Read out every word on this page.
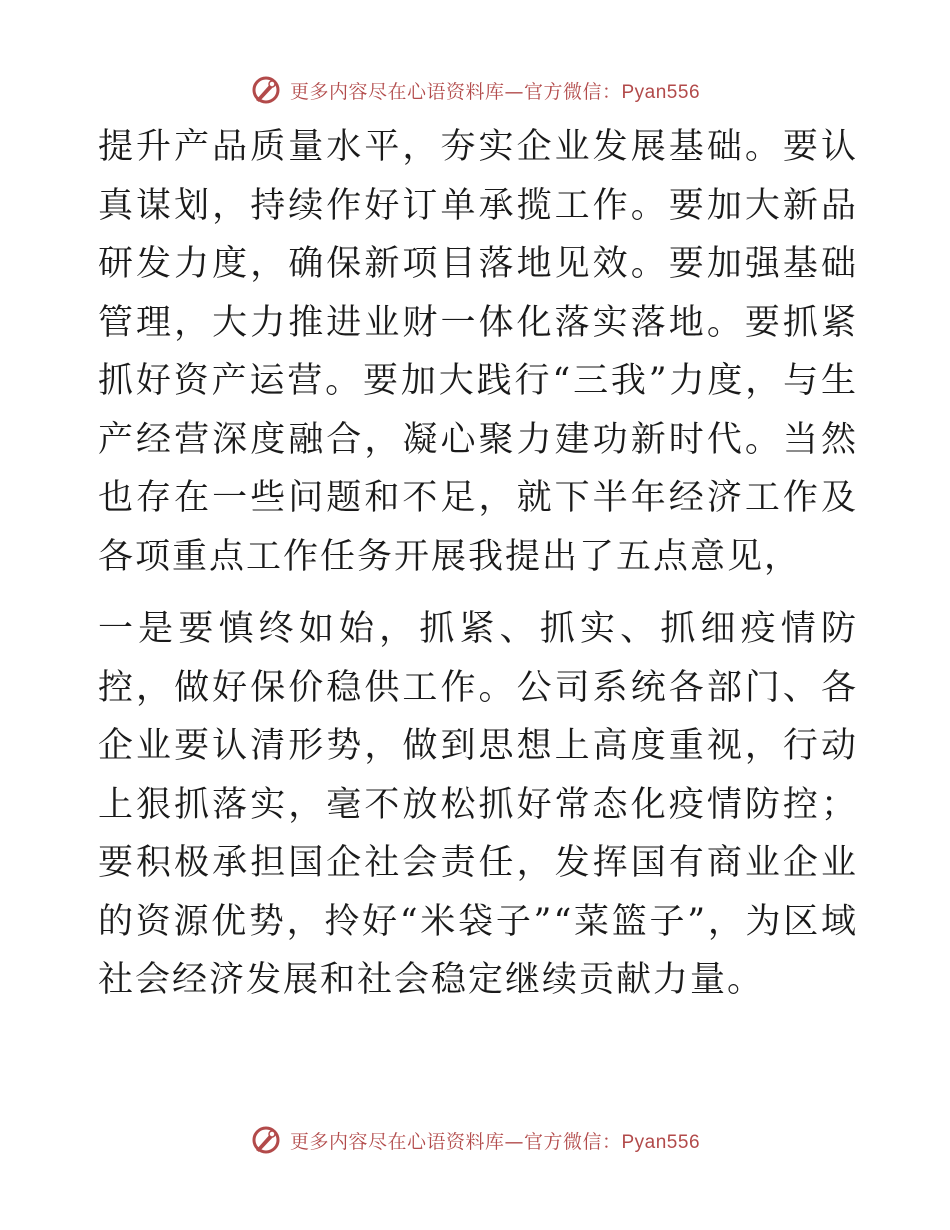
更多内容尽在心语资料库—官方微信：Pyan556

提升产品质量水平，夯实企业发展基础。要认真谋划，持续作好订单承揽工作。要加大新品研发力度，确保新项目落地见效。要加强基础管理，大力推进业财一体化落实落地。要抓紧抓好资产运营。要加大践行“三我”力度，与生产经营深度融合，凝心聚力建功新时代。当然也存在一些问题和不足，就下半年经济工作及各项重点工作任务开展我提出了五点意见，

一是要慎终如始，抓紧、抓实、抓细疫情防控，做好保价稳供工作。公司系统各部门、各企业要认清形势，做到思想上高度重视，行动上狠抓落实，毫不放松抓好常态化疫情防控；要积极承担国企社会责任，发挥国有商业企业的资源优势，拎好“米袋子”“菜篮子”，为区域社会经济发展和社会稳定继续贡献力量。

更多内容尽在心语资料库—官方微信：Pyan556
